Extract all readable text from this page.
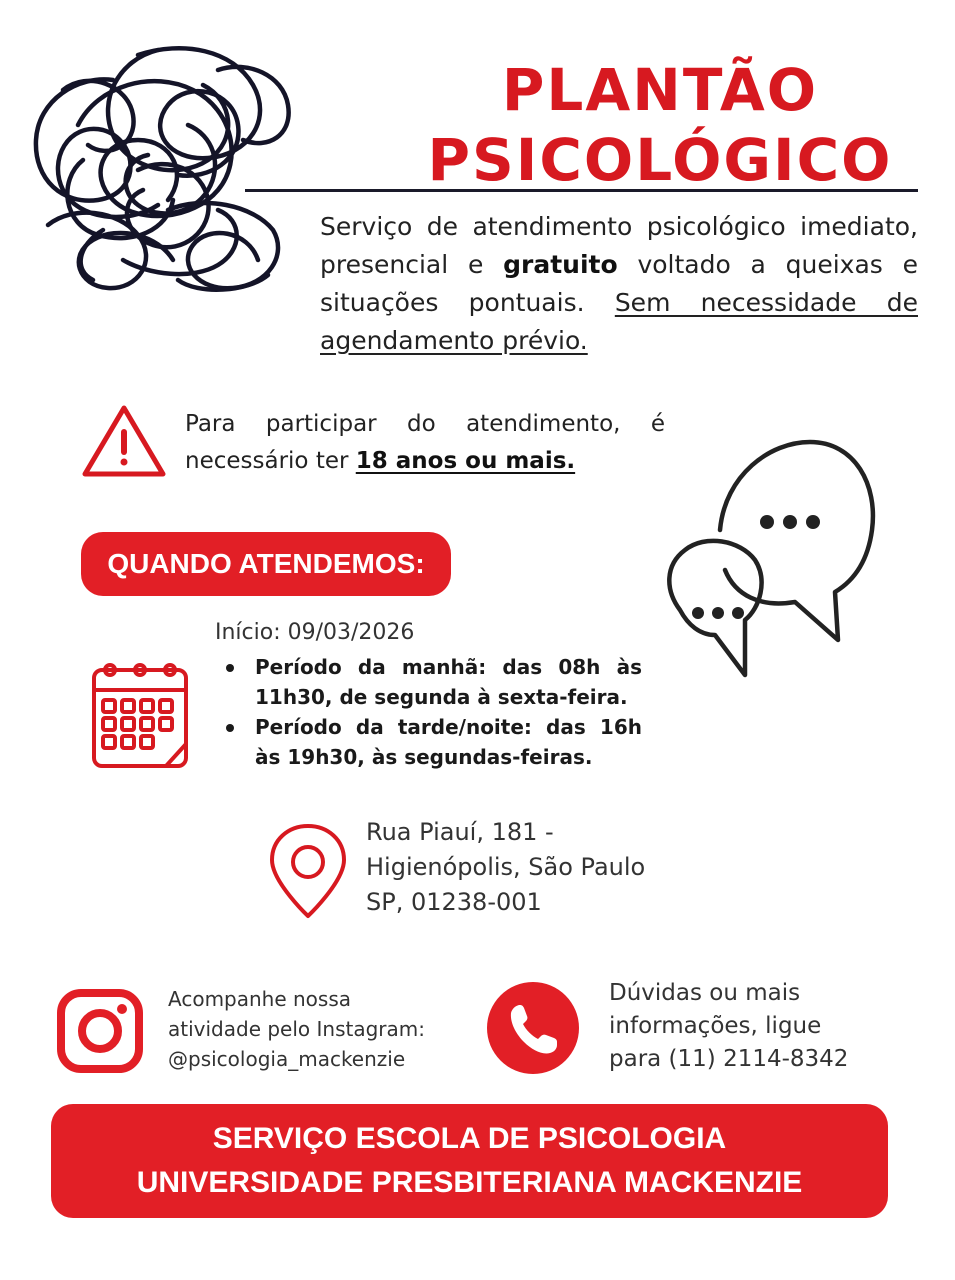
PLANTÃO
PSICOLÓGICO
Serviço de atendimento psicológico imediato, presencial e gratuito voltado a queixas e situações pontuais. Sem necessidade de agendamento prévio.
Para participar do atendimento, é necessário ter 18 anos ou mais.
QUANDO ATENDEMOS:
Início: 09/03/2026
Período da manhã: das 08h às 11h30, de segunda à sexta-feira.
Período da tarde/noite: das 16h às 19h30, às segundas-feiras.
Rua Piauí, 181 -
Higienópolis, São Paulo
SP, 01238-001
Acompanhe nossa
atividade pelo Instagram:
@psicologia_mackenzie
Dúvidas ou mais
informações, ligue
para (11) 2114-8342
SERVIÇO ESCOLA DE PSICOLOGIA
UNIVERSIDADE PRESBITERIANA MACKENZIE
